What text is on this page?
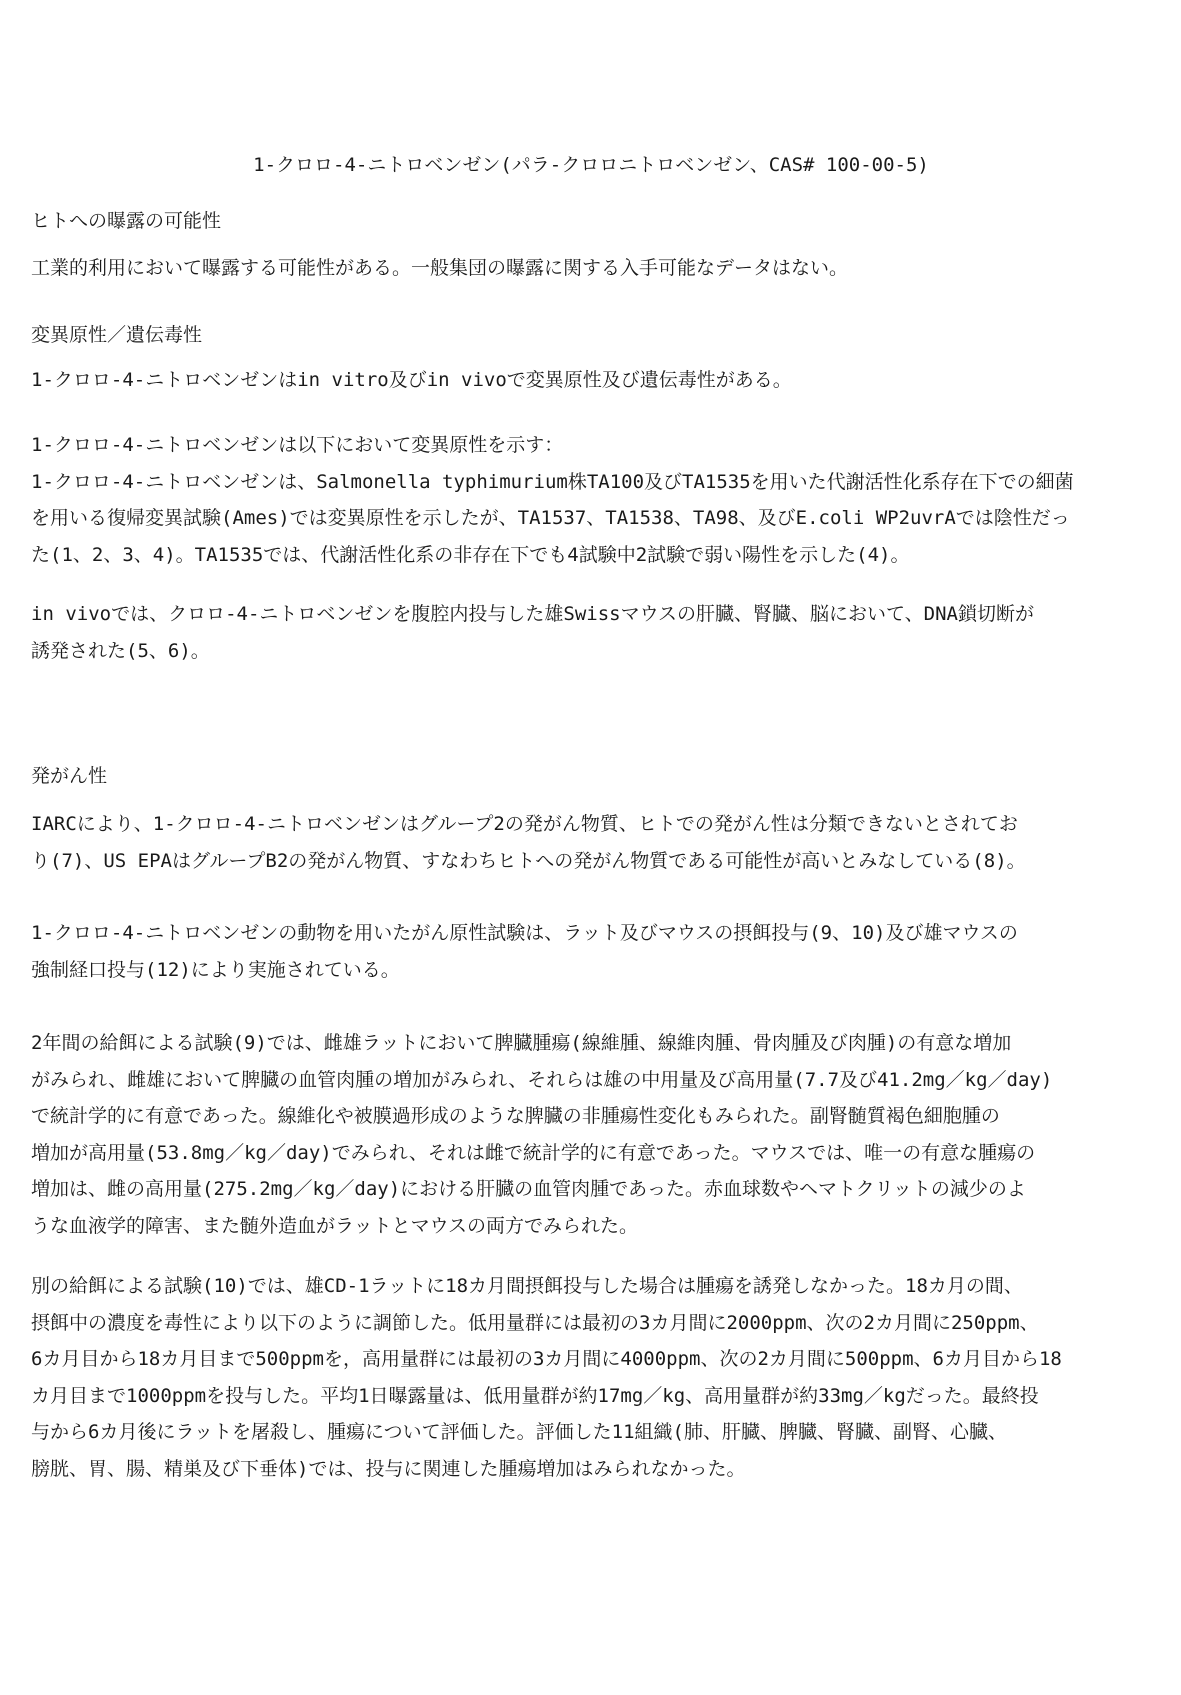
1-クロロ-4-ニトロベンゼン(パラ-クロロニトロベンゼン、CAS# 100-00-5)
ヒトへの曝露の可能性
工業的利用において曝露する可能性がある。一般集団の曝露に関する入手可能なデータはない。
変異原性／遺伝毒性
1-クロロ-4-ニトロベンゼンはin vitro及びin vivoで変異原性及び遺伝毒性がある。
1-クロロ-4-ニトロベンゼンは以下において変異原性を示す：
1-クロロ-4-ニトロベンゼンは、Salmonella typhimurium株TA100及びTA1535を用いた代謝活性化系存在下での細菌
を用いる復帰変異試験(Ames)では変異原性を示したが、TA1537、TA1538、TA98、及びE.coli WP2uvrAでは陰性だっ
た(1、2、3、4)。TA1535では、代謝活性化系の非存在下でも4試験中2試験で弱い陽性を示した(4)。
in vivoでは、クロロ-4-ニトロベンゼンを腹腔内投与した雄Swissマウスの肝臓、腎臓、脳において、DNA鎖切断が
誘発された(5、6)。
発がん性
IARCにより、1-クロロ-4-ニトロベンゼンはグループ2の発がん物質、ヒトでの発がん性は分類できないとされてお
り(7)、US EPAはグループB2の発がん物質、すなわちヒトへの発がん物質である可能性が高いとみなしている(8)。
1-クロロ-4-ニトロベンゼンの動物を用いたがん原性試験は、ラット及びマウスの摂餌投与(9、10)及び雄マウスの
強制経口投与(12)により実施されている。
2年間の給餌による試験(9)では、雌雄ラットにおいて脾臓腫瘍(線維腫、線維肉腫、骨肉腫及び肉腫)の有意な増加
がみられ、雌雄において脾臓の血管肉腫の増加がみられ、それらは雄の中用量及び高用量(7.7及び41.2mg／kg／day)
で統計学的に有意であった。線維化や被膜過形成のような脾臓の非腫瘍性変化もみられた。副腎髄質褐色細胞腫の
増加が高用量(53.8mg／kg／day)でみられ、それは雌で統計学的に有意であった。マウスでは、唯一の有意な腫瘍の
増加は、雌の高用量(275.2mg／kg／day)における肝臓の血管肉腫であった。赤血球数やヘマトクリットの減少のよ
うな血液学的障害、また髄外造血がラットとマウスの両方でみられた。
別の給餌による試験(10)では、雄CD-1ラットに18カ月間摂餌投与した場合は腫瘍を誘発しなかった。18カ月の間、
摂餌中の濃度を毒性により以下のように調節した。低用量群には最初の3カ月間に2000ppm、次の2カ月間に250ppm、
6カ月目から18カ月目まで500ppmを，高用量群には最初の3カ月間に4000ppm、次の2カ月間に500ppm、6カ月目から18
カ月目まで1000ppmを投与した。平均1日曝露量は、低用量群が約17mg／kg、高用量群が約33mg／kgだった。最終投
与から6カ月後にラットを屠殺し、腫瘍について評価した。評価した11組織(肺、肝臓、脾臓、腎臓、副腎、心臓、
膀胱、胃、腸、精巣及び下垂体)では、投与に関連した腫瘍増加はみられなかった。
